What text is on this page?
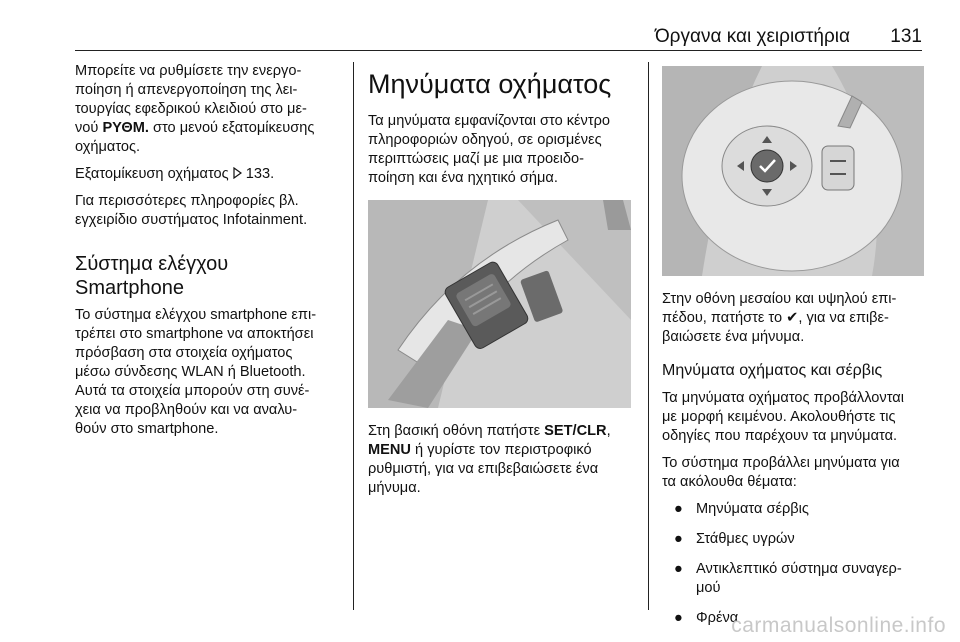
Όργανα και χειριστήρια 131

Μπορείτε να ρυθμίσετε την ενεργο-
ποίηση ή απενεργοποίηση της λει-
τουργίας εφεδρικού κλειδιού στο με-
νού ΡΥΘΜ. στο μενού εξατομίκευσης
οχήματος.

Εξατομίκευση οχήματος  133.

Για περισσότερες πληροφορίες βλ.
εγχειρίδιο συστήματος Infotainment.

Σύστημα ελέγχου
Smartphone

Το σύστημα ελέγχου smartphone επι-
τρέπει στο smartphone να αποκτήσει
πρόσβαση στα στοιχεία οχήματος
μέσω σύνδεσης WLAN ή Bluetooth.
Αυτά τα στοιχεία μπορούν στη συνέ-
χεια να προβληθούν και να αναλυ-
θούν στο smartphone.

Μηνύματα οχήματος

Τα μηνύματα εμφανίζονται στο κέντρο
πληροφοριών οδηγού, σε ορισμένες
περιπτώσεις μαζί με μια προειδο-
ποίηση και ένα ηχητικό σήμα.

Στη βασική οθόνη πατήστε SET/CLR,
MENU ή γυρίστε τον περιστροφικό
ρυθμιστή, για να επιβεβαιώσετε ένα
μήνυμα.

Στην οθόνη μεσαίου και υψηλού επι-
πέδου, πατήστε το ✔, για να επιβε-
βαιώσετε ένα μήνυμα.

Μηνύματα οχήματος και σέρβις

Τα μηνύματα οχήματος προβάλλονται
με μορφή κειμένου. Ακολουθήστε τις
οδηγίες που παρέχουν τα μηνύματα.

Το σύστημα προβάλλει μηνύματα για
τα ακόλουθα θέματα:

● Μηνύματα σέρβις
● Στάθμες υγρών
● Αντικλεπτικό σύστημα συναγερ-
μού
● Φρένα
carmanualsonline.info
